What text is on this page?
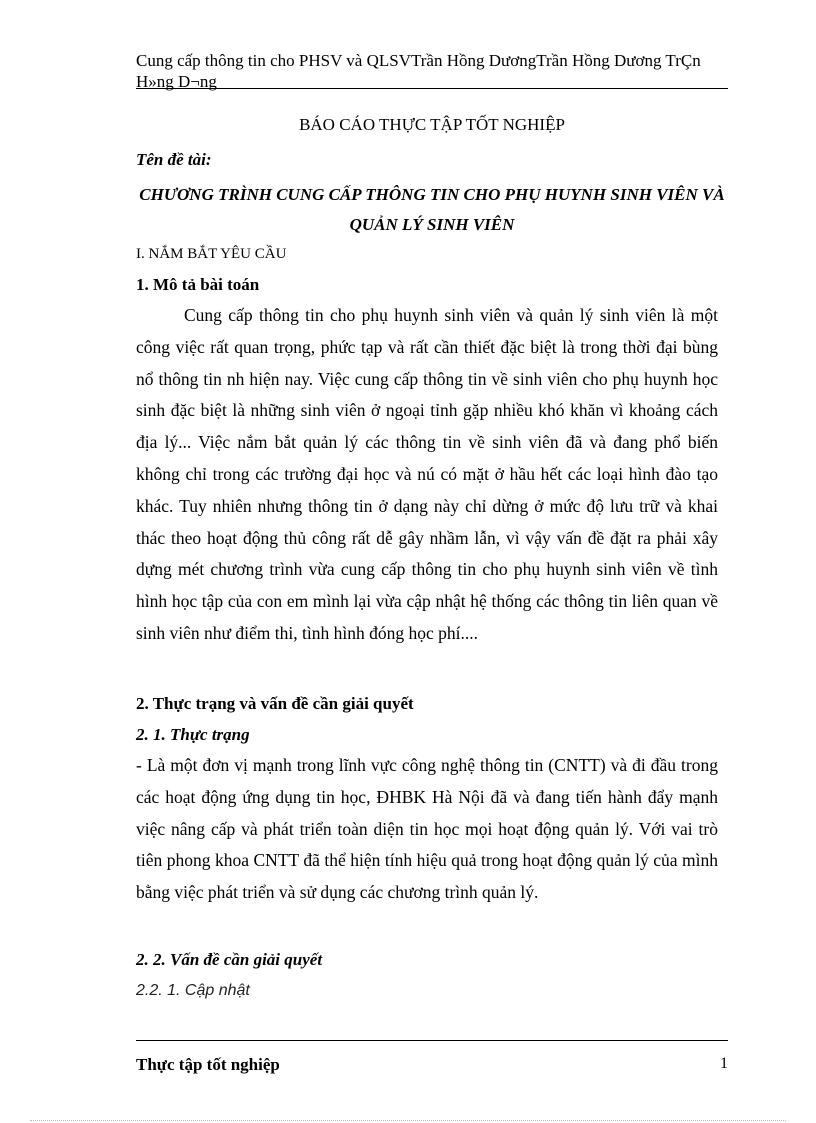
Cung cấp thông tin cho PHSV và QLSVTrần Hồng DươngTrần Hồng Dương TrÇn H»ng D¬ng
BÁO CÁO THỰC TẬP TỐT NGHIỆP
Tên đề tài:
CHƯƠNG TRÌNH CUNG CẤP THÔNG TIN CHO PHỤ HUYNH SINH VIÊN VÀ QUẢN LÝ SINH VIÊN
I. NẮM BẮT YÊU CẦU
1. Mô tả bài toán
Cung cấp thông tin cho phụ huynh sinh viên và quản lý sinh viên là một công việc rất quan trọng, phức tạp và rất cần thiết đặc biệt là trong thời đại bùng nổ thông tin nh hiện nay. Việc cung cấp thông tin về sinh viên cho phụ huynh học sinh đặc biệt là những sinh viên ở ngoại tỉnh gặp nhiều khó khăn vì khoảng cách địa lý... Việc nắm bắt quản lý các thông tin về sinh viên đã và đang phổ biến không chỉ trong các trường đại học và nú có mặt ở hầu hết các loại hình đào tạo khác. Tuy nhiên nhưng thông tin ở dạng này chỉ dừng ở mức độ lưu trữ và khai thác theo hoạt động thủ công rất dễ gây nhầm lẫn, vì vậy vấn đề đặt ra phải xây dựng mét chương trình vừa cung cấp thông tin cho phụ huynh sinh viên về tình hình học tập của con em mình lại vừa cập nhật hệ thống các thông tin liên quan về sinh viên như điểm thi, tình hình đóng học phí....
2. Thực trạng và vấn đề cần giải quyết
2. 1. Thực trạng
- Là một đơn vị mạnh trong lĩnh vực công nghệ thông tin (CNTT) và đi đầu trong các hoạt động ứng dụng tin học, ĐHBK Hà Nội đã và đang tiến hành đẩy mạnh việc nâng cấp và phát triển toàn diện tin học mọi hoạt động quản lý. Với vai trò tiên phong khoa CNTT đã thể hiện tính hiệu quả trong hoạt động quản lý của mình bằng việc phát triển và sử dụng các chương trình quản lý.
2. 2. Vấn đề cần giải quyết
2.2. 1. Cập nhật
Thực tập tốt nghiệp	1
